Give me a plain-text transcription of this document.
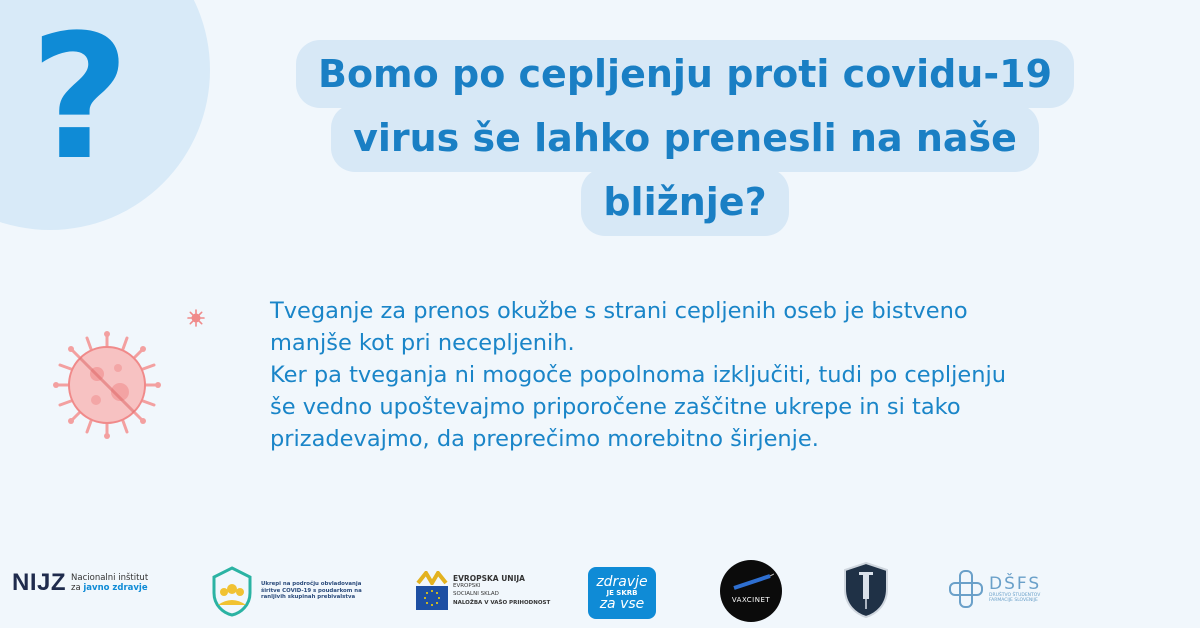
?	Bomo po cepljenju proti covidu-19
virus še lahko prenesli na naše
bližnje?

Tveganje za prenos okužbe s strani cepljenih oseb je bistveno

manjše kot pri necepljenih.

Ker pa tveganja ni mogoče popolnoma izključiti, tudi po cepljenju

še vedno upoštevajmo priporočene zaščitne ukrepe in si tako

prizadevajmo, da preprečimo morebitno širjenje.

NIJZ Nacionalni inštitut
za javno zdravje	Ukrepi na področju obvladovanja
širitve COVID-19 s poudarkom na
ranljivih skupinah prebivalstva
EVROPSKA UNIJA
EVROPSKI
SOCIALNI SKLAD
NALOŽBA V VAŠO PRIHODNOST
zdravje
JE SKRB
za vse	VAXCINET
DŠFS
DRUŠTVO ŠTUDENTOV
FARMACIJE SLOVENIJE
